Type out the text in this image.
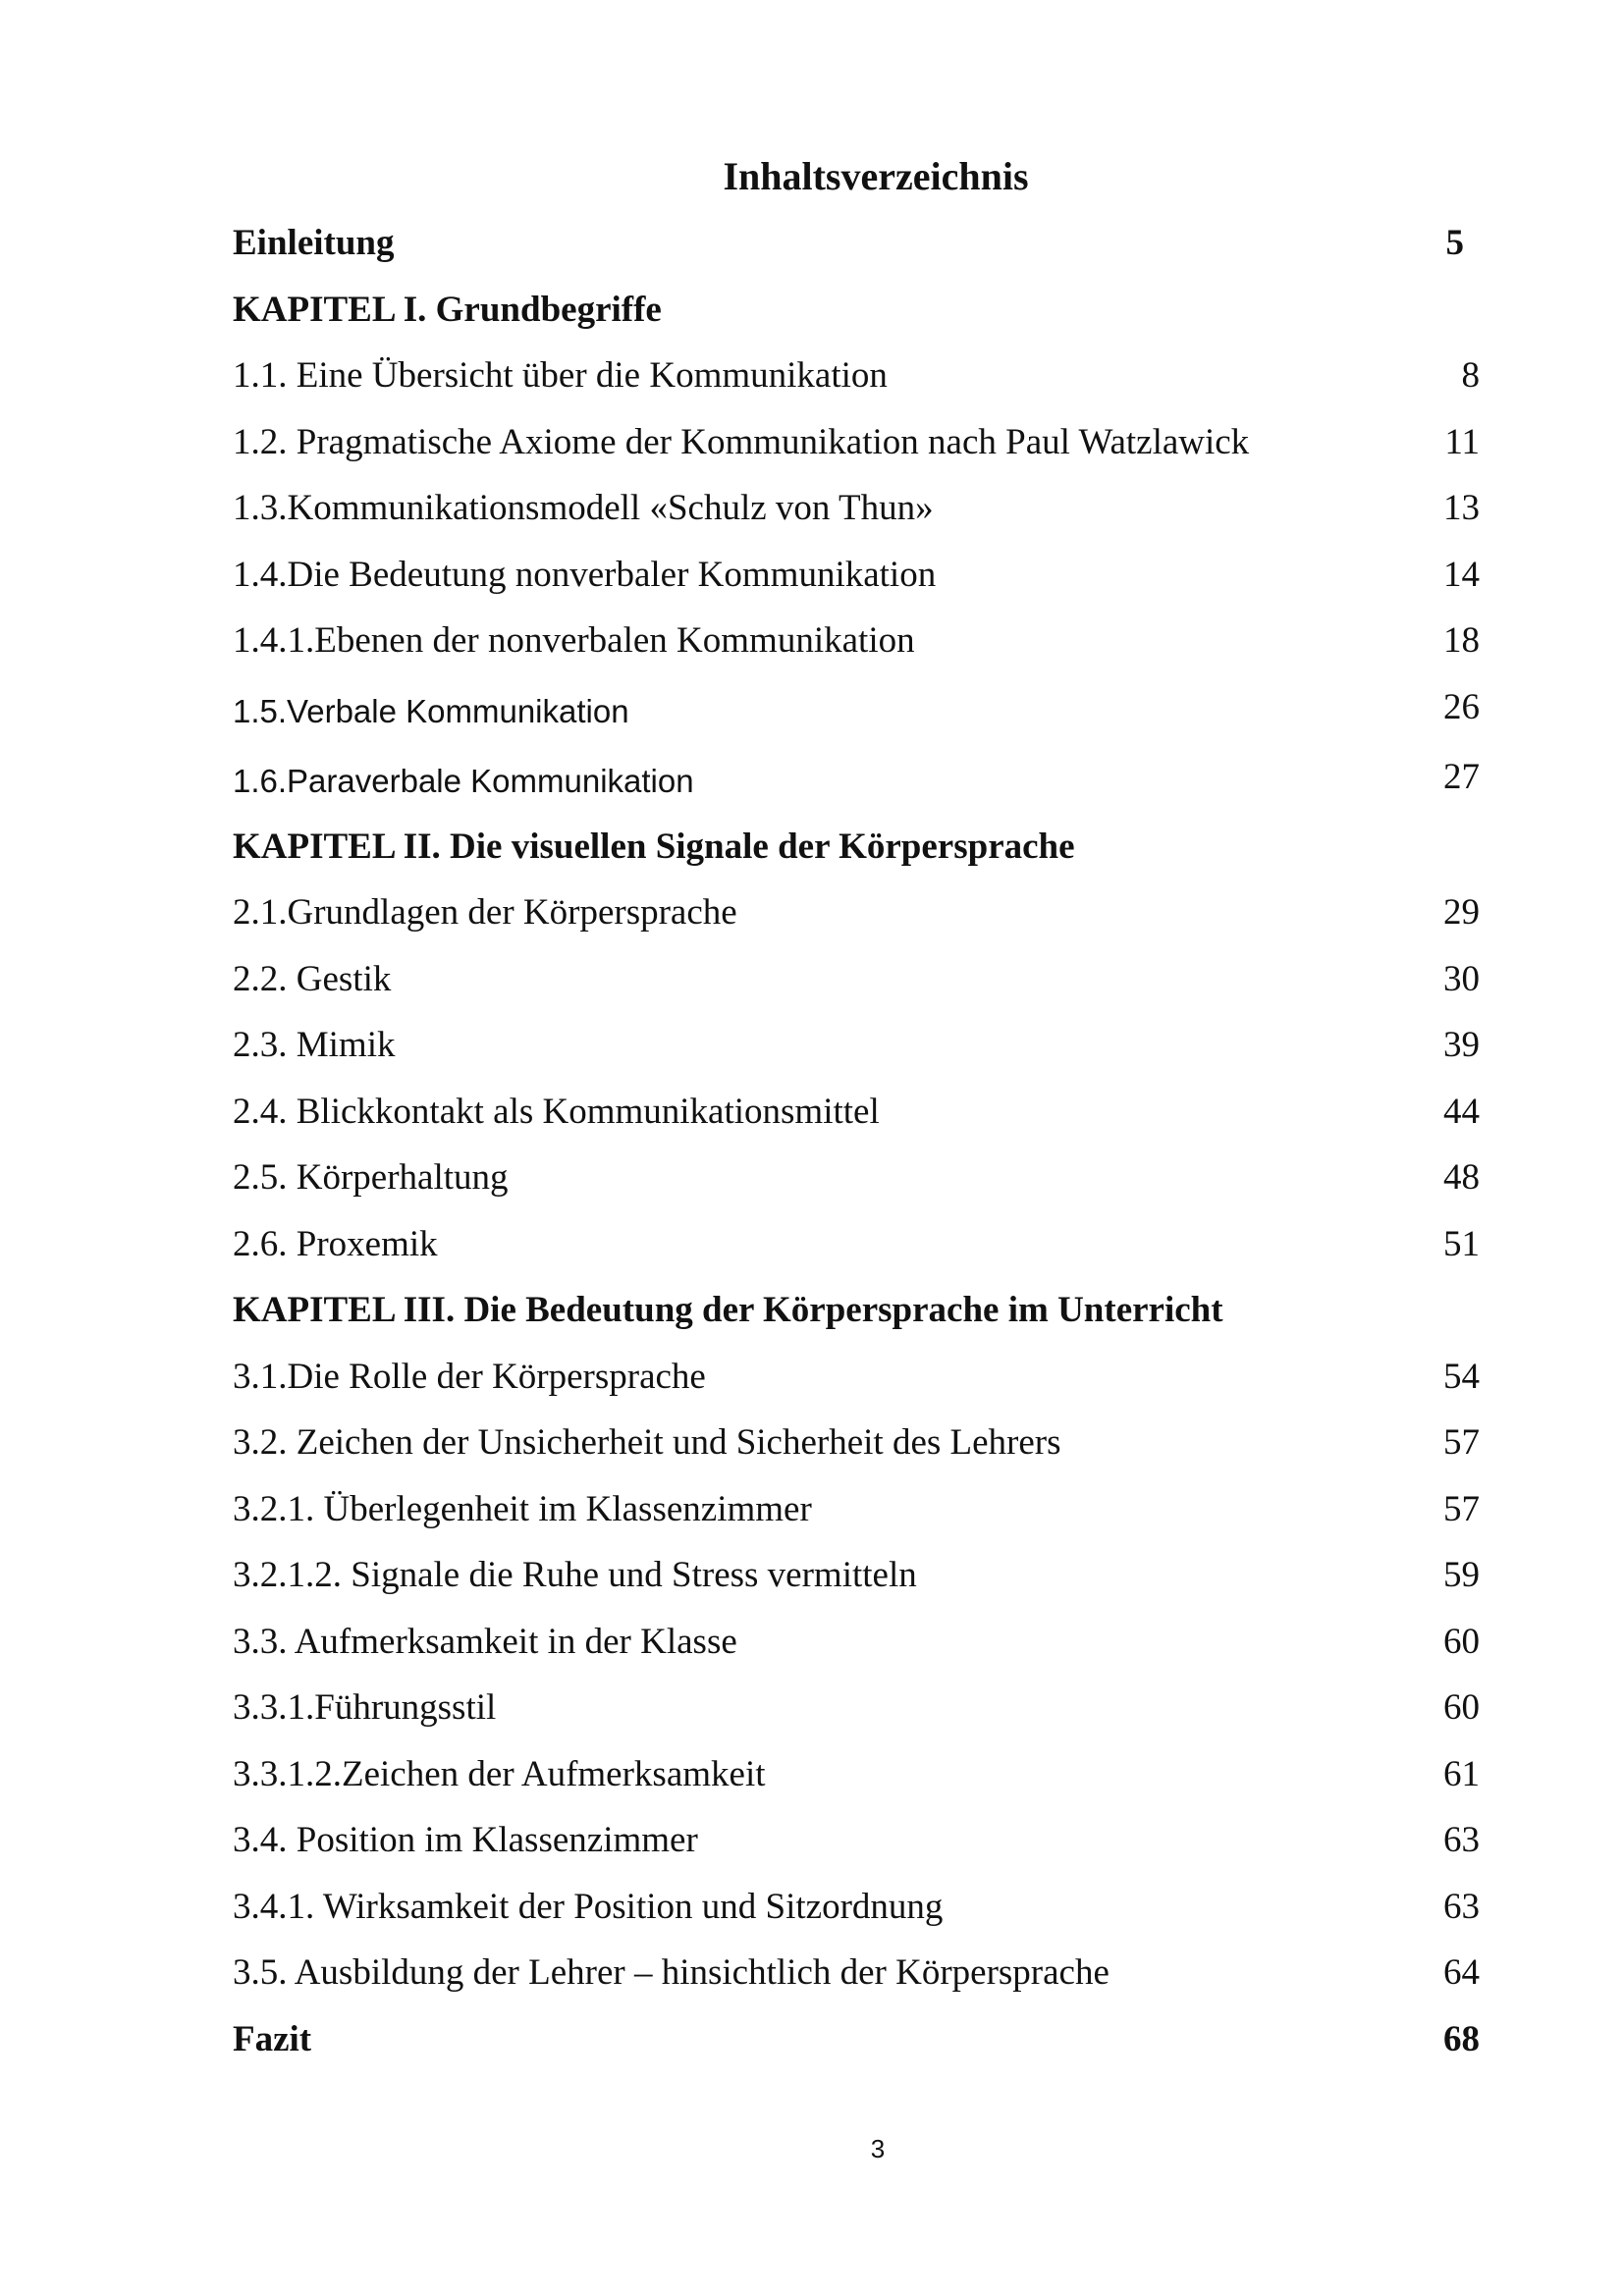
Inhaltsverzeichnis
Einleitung	5
KAPITEL I. Grundbegriffe
1.1. Eine Übersicht über die Kommunikation	8
1.2. Pragmatische Axiome der Kommunikation nach Paul Watzlawick	11
1.3.Kommunikationsmodell «Schulz von Thun»	13
1.4.Die Bedeutung nonverbaler Kommunikation	14
1.4.1.Ebenen der nonverbalen Kommunikation	18
1.5.Verbale Kommunikation	26
1.6.Paraverbale Kommunikation	27
KAPITEL II. Die visuellen Signale der Körpersprache
2.1.Grundlagen der Körpersprache	29
2.2. Gestik	30
2.3. Mimik	39
2.4. Blickkontakt als Kommunikationsmittel	44
2.5. Körperhaltung	48
2.6. Proxemik	51
KAPITEL III. Die Bedeutung der Körpersprache im Unterricht
3.1.Die Rolle der Körpersprache	54
3.2. Zeichen der Unsicherheit und Sicherheit des Lehrers	57
3.2.1. Überlegenheit im Klassenzimmer	57
3.2.1.2. Signale die Ruhe und Stress vermitteln	59
3.3. Aufmerksamkeit in der Klasse	60
3.3.1.Führungsstil	60
3.3.1.2.Zeichen der Aufmerksamkeit	61
3.4. Position im Klassenzimmer	63
3.4.1. Wirksamkeit der Position und Sitzordnung	63
3.5. Ausbildung der Lehrer – hinsichtlich der Körpersprache	64
Fazit	68
3
